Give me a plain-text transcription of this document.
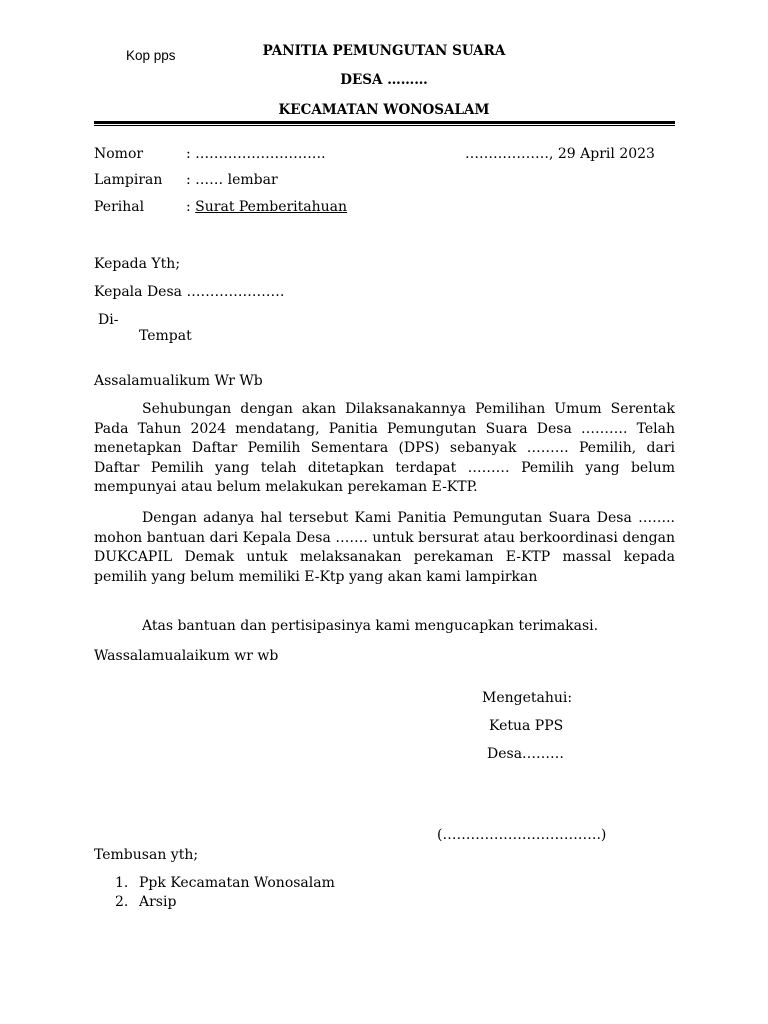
Kop pps	PANITIA PEMUNGUTAN SUARA
DESA ………
KECAMATAN WONOSALAM
Nomor	: ……………………….	………………, 29 April 2023
Lampiran : …… lembar
Perihal	: Surat Pemberitahuan
Kepada Yth;
Kepala Desa …………………
Di-
Tempat
Assalamualikum Wr Wb
Sehubungan dengan akan Dilaksanakannya Pemilihan Umum Serentak Pada Tahun 2024 mendatang, Panitia Pemungutan Suara Desa ………. Telah menetapkan Daftar Pemilih Sementara (DPS) sebanyak ……… Pemilih, dari Daftar Pemilih yang telah ditetapkan terdapat ……… Pemilih yang belum mempunyai atau belum melakukan perekaman E-KTP.
Dengan adanya hal tersebut Kami Panitia Pemungutan Suara Desa …….. mohon bantuan dari Kepala Desa ……. untuk bersurat atau berkoordinasi dengan DUKCAPIL Demak untuk melaksanakan perekaman E-KTP massal kepada pemilih yang belum memiliki E-Ktp yang akan kami lampirkan
Atas bantuan dan pertisipasinya kami mengucapkan terimakasi.
Wassalamualaikum wr wb
Mengetahui:
Ketua PPS
Desa………
(…………………………….)
Tembusan yth;
1. Ppk Kecamatan Wonosalam
2. Arsip
